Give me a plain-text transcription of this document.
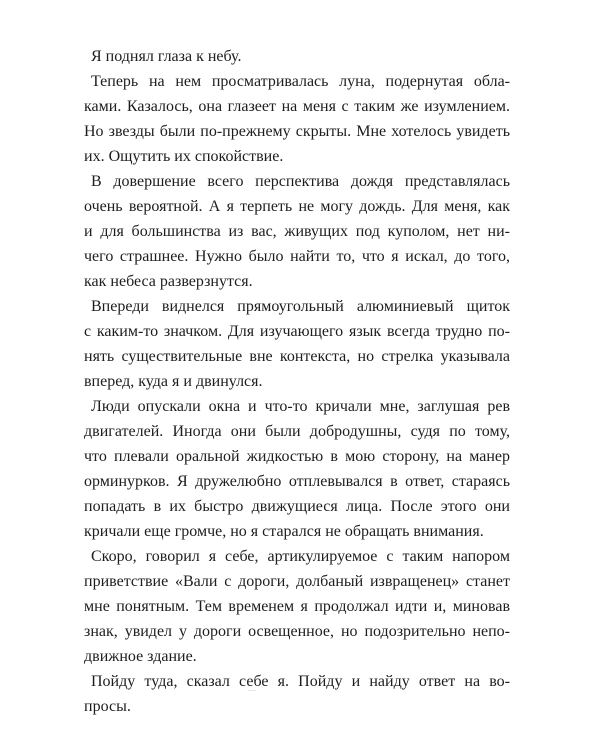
Я поднял глаза к небу.

Теперь на нем просматривалась луна, подернутая обла-
ками. Казалось, она глазеет на меня с таким же изумлением.
Но звезды были по-прежнему скрыты. Мне хотелось увидеть
их. Ощутить их спокойствие.

В довершение всего перспектива дождя представлялась
очень вероятной. А я терпеть не могу дождь. Для меня, как
и для большинства из вас, живущих под куполом, нет ни-
чего страшнее. Нужно было найти то, что я искал, до того,
как небеса разверзнутся.

Впереди виднелся прямоугольный алюминиевый щиток
с каким-то значком. Для изучающего язык всегда трудно по-
нять существительные вне контекста, но стрелка указывала
вперед, куда я и двинулся.

Люди опускали окна и что-то кричали мне, заглушая рев
двигателей. Иногда они были добродушны, судя по тому,
что плевали оральной жидкостью в мою сторону, на манер
орминурков. Я дружелюбно отплевывался в ответ, стараясь
попадать в их быстро движущиеся лица. После этого они
кричали еще громче, но я старался не обращать внимания.

Скоро, говорил я себе, артикулируемое с таким напором
приветствие «Вали с дороги, долбаный извращенец» станет
мне понятным. Тем временем я продолжал идти и, миновав
знак, увидел у дороги освещенное, но подозрительно непо-
движное здание.

Пойду туда, сказал себе я. Пойду и найду ответ на во-
просы.
